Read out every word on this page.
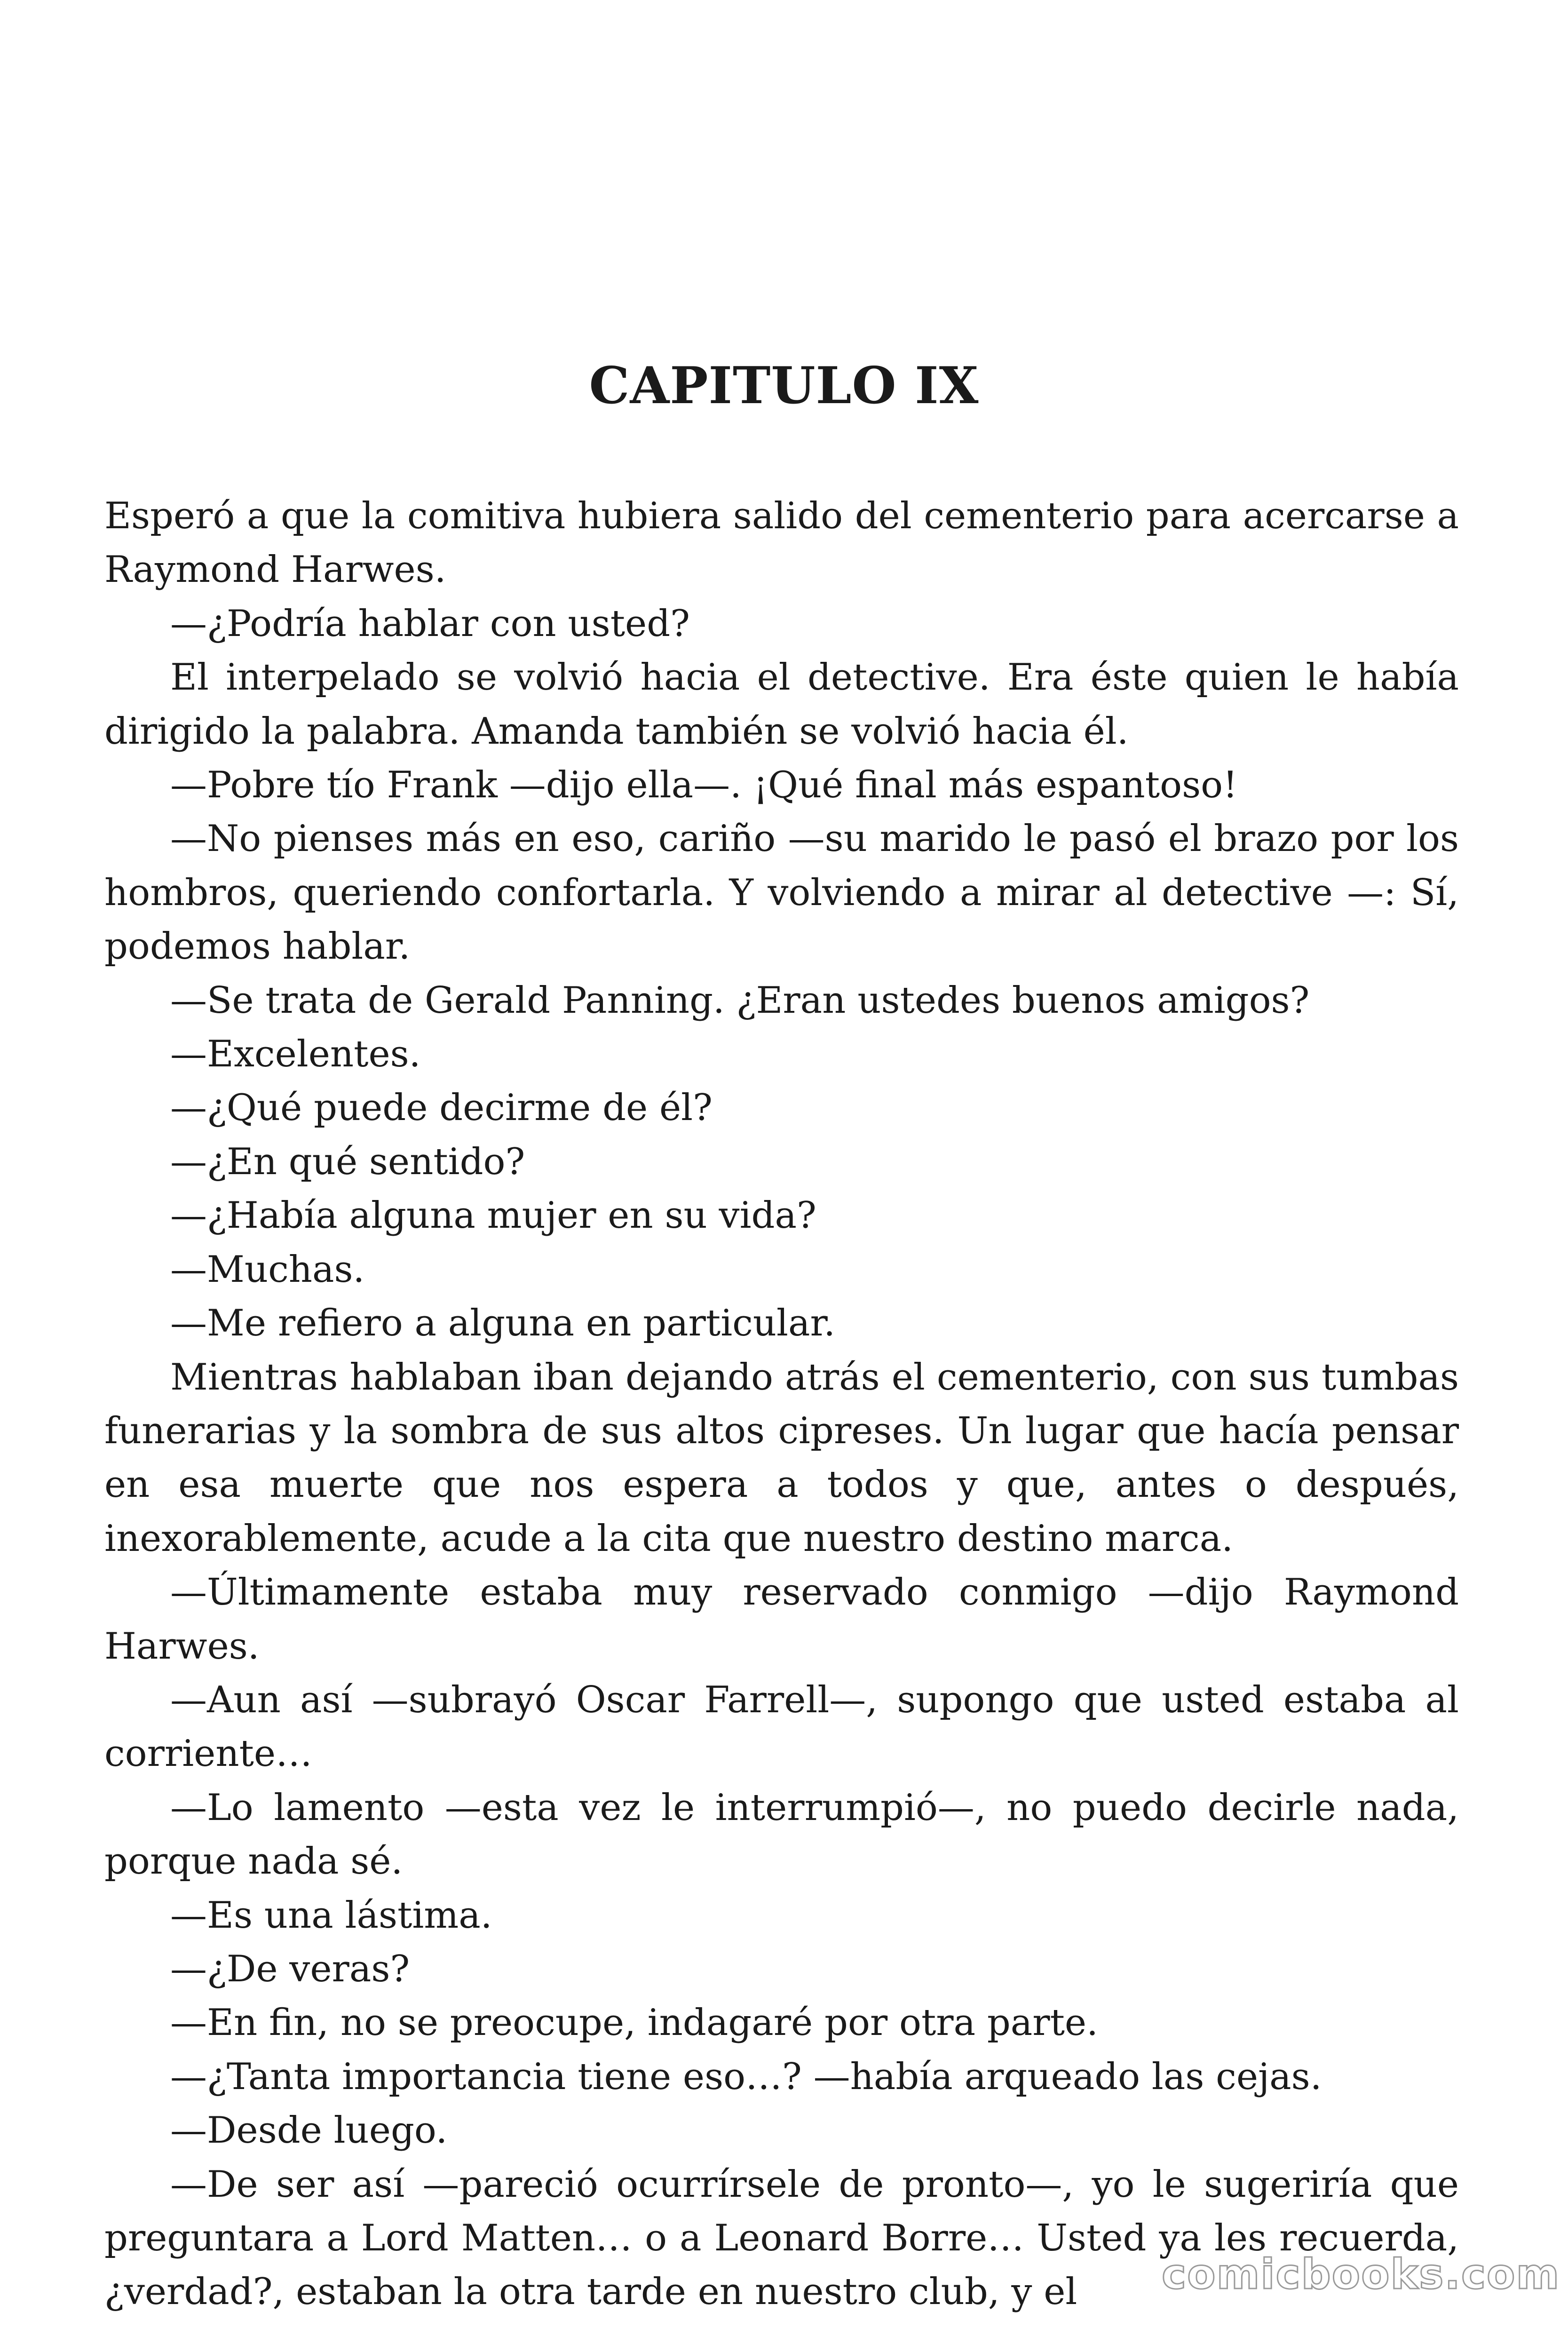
CAPITULO IX

Esperó a que la comitiva hubiera salido del cementerio para acercarse a Raymond Harwes.

—¿Podría hablar con usted?

El interpelado se volvió hacia el detective. Era éste quien le había dirigido la palabra. Amanda también se volvió hacia él.

—Pobre tío Frank —dijo ella—. ¡Qué final más espantoso!

—No pienses más en eso, cariño —su marido le pasó el brazo por los hombros, queriendo confortarla. Y volviendo a mirar al detective —: Sí, podemos hablar.

—Se trata de Gerald Panning. ¿Eran ustedes buenos amigos?

—Excelentes.

—¿Qué puede decirme de él?

—¿En qué sentido?

—¿Había alguna mujer en su vida?

—Muchas.

—Me refiero a alguna en particular.

Mientras hablaban iban dejando atrás el cementerio, con sus tumbas funerarias y la sombra de sus altos cipreses. Un lugar que hacía pensar en esa muerte que nos espera a todos y que, antes o después, inexorablemente, acude a la cita que nuestro destino marca.

—Últimamente estaba muy reservado conmigo —dijo Raymond Harwes.

—Aun así —subrayó Oscar Farrell—, supongo que usted estaba al corriente…

—Lo lamento —esta vez le interrumpió—, no puedo decirle nada, porque nada sé.

—Es una lástima.

—¿De veras?

—En fin, no se preocupe, indagaré por otra parte.

—¿Tanta importancia tiene eso…? —había arqueado las cejas.

—Desde luego.

—De ser así —pareció ocurrírsele de pronto—, yo le sugeriría que preguntara a Lord Matten… o a Leonard Borre… Usted ya les recuerda, ¿verdad?, estaban la otra tarde en nuestro club, y el	comicbooks.com
